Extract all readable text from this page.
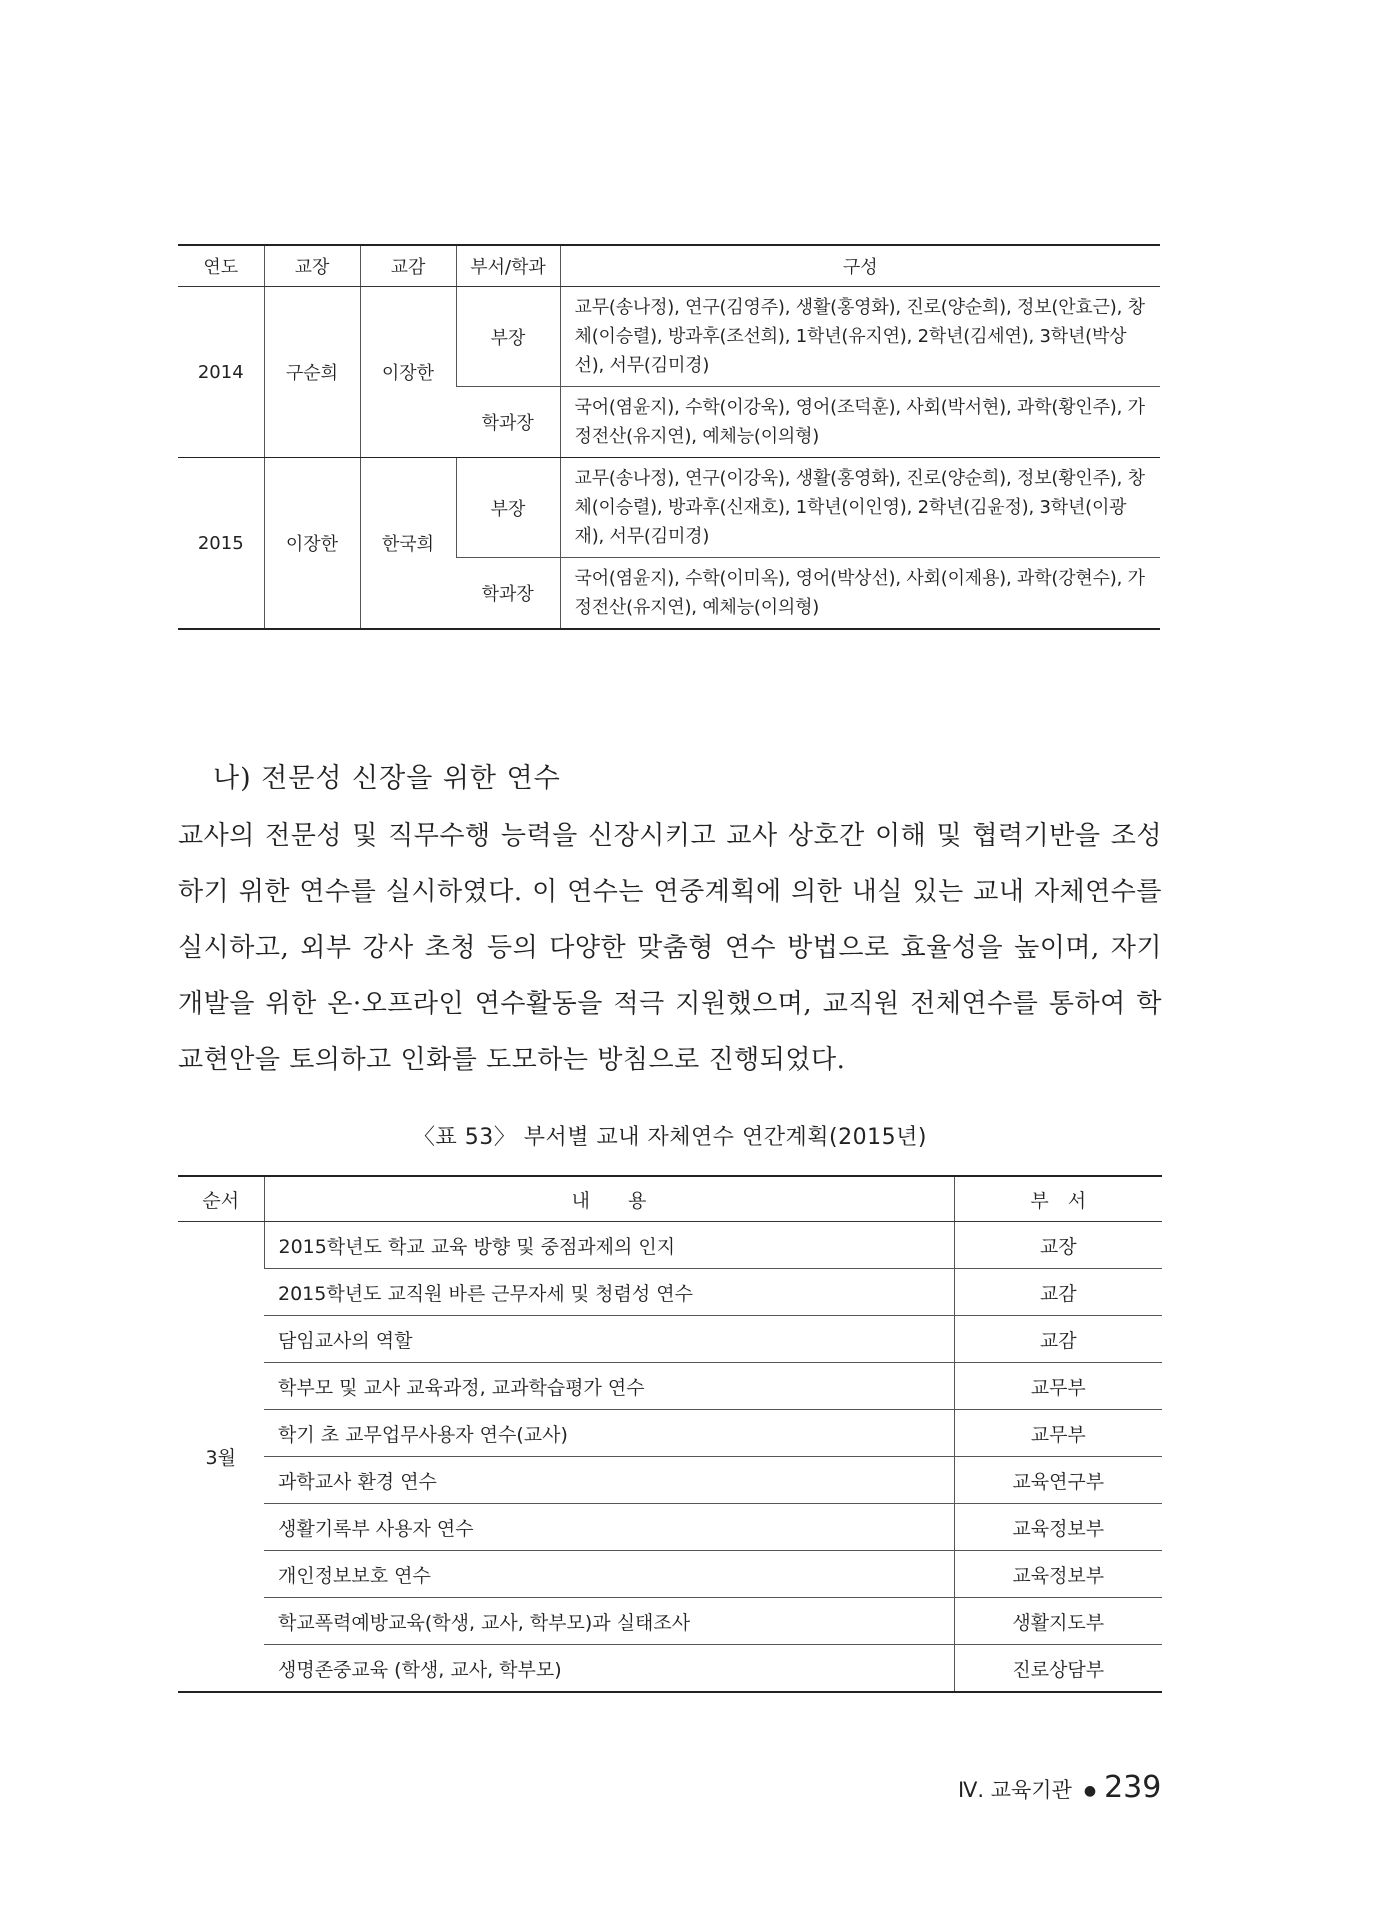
연도	교장	교감	부서/학과	구성
2014	구순희	이장한	부장	교무(송나정), 연구(김영주), 생활(홍영화), 진로(양순희), 정보(안효근), 창체(이승렬), 방과후(조선희), 1학년(유지연), 2학년(김세연), 3학년(박상선), 서무(김미경)
			학과장	국어(염윤지), 수학(이강욱), 영어(조덕훈), 사회(박서현), 과학(황인주), 가정전산(유지연), 예체능(이의형)
2015	이장한	한국희	부장	교무(송나정), 연구(이강욱), 생활(홍영화), 진로(양순희), 정보(황인주), 창체(이승렬), 방과후(신재호), 1학년(이인영), 2학년(김윤정), 3학년(이광재), 서무(김미경)
			학과장	국어(염윤지), 수학(이미옥), 영어(박상선), 사회(이제용), 과학(강현수), 가정전산(유지연), 예체능(이의형)
나) 전문성 신장을 위한 연수
교사의 전문성 및 직무수행 능력을 신장시키고 교사 상호간 이해 및 협력기반을 조성하기 위한 연수를 실시하였다. 이 연수는 연중계획에 의한 내실 있는 교내 자체연수를 실시하고, 외부 강사 초청 등의 다양한 맞춤형 연수 방법으로 효율성을 높이며, 자기개발을 위한 온·오프라인 연수활동을 적극 지원했으며, 교직원 전체연수를 통하여 학교현안을 토의하고 인화를 도모하는 방침으로 진행되었다.
〈표 53〉 부서별 교내 자체연수 연간계획(2015년)
순서	내　　용	부　서
3월	2015학년도 학교 교육 방향 및 중점과제의 인지	교장
	2015학년도 교직원 바른 근무자세 및 청렴성 연수	교감
	담임교사의 역할	교감
	학부모 및 교사 교육과정, 교과학습평가 연수	교무부
	학기 초 교무업무사용자 연수(교사)	교무부
	과학교사 환경 연수	교육연구부
	생활기록부 사용자 연수	교육정보부
	개인정보보호 연수	교육정보부
	학교폭력예방교육(학생, 교사, 학부모)과 실태조사	생활지도부
	생명존중교육 (학생, 교사, 학부모)	진로상담부
Ⅳ. 교육기관 ● 239
